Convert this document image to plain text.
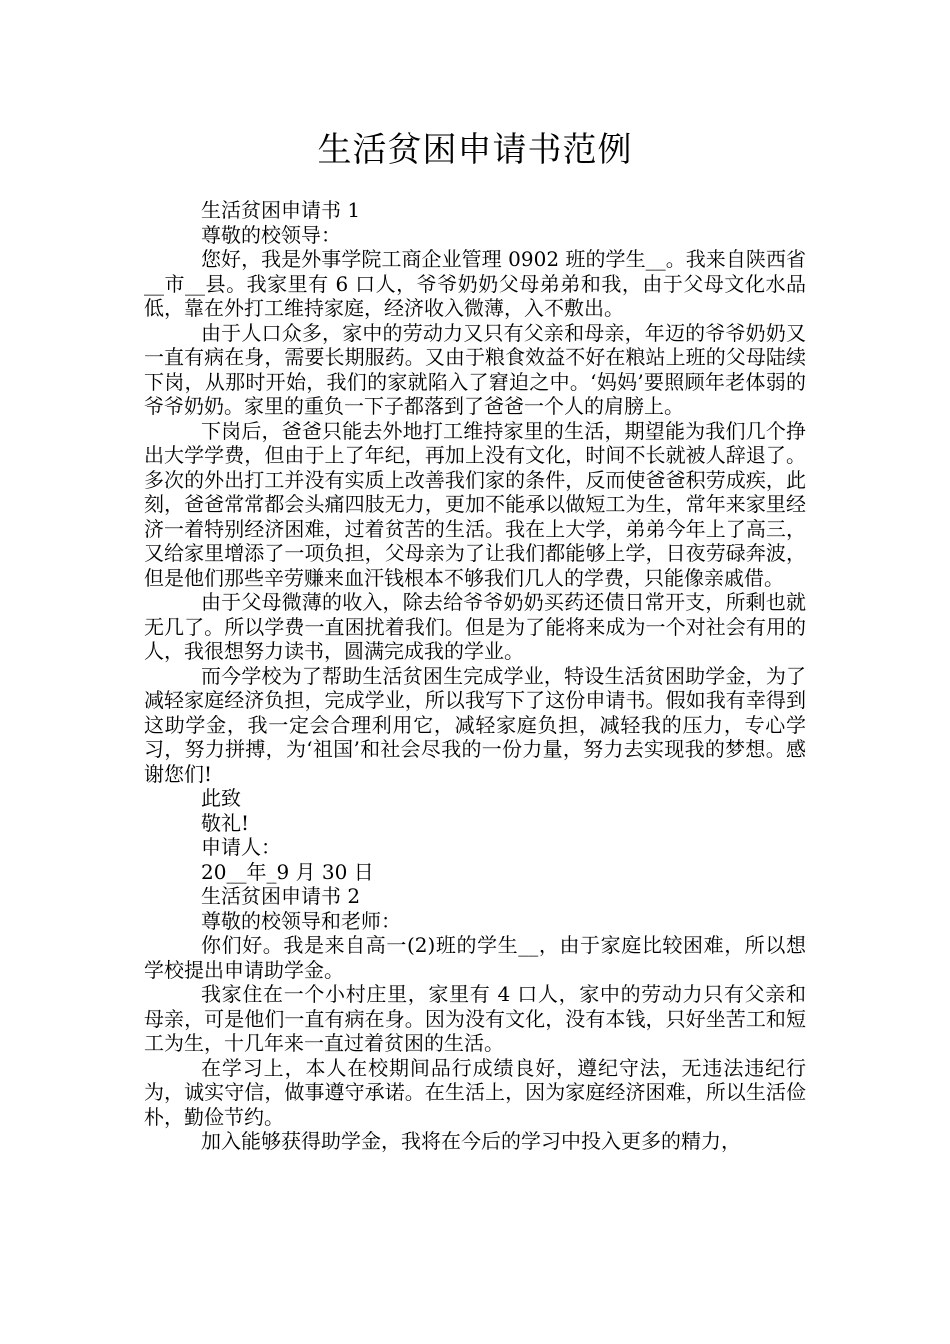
生活贫困申请书范例

生活贫困申请书 1

尊敬的校领导：

您好，我是外事学院工商企业管理 0902 班的学生__。我来自陕西省__市__县。我家里有 6 口人，爷爷奶奶父母弟弟和我，由于父母文化水品低，靠在外打工维持家庭，经济收入微薄，入不敷出。

由于人口众多，家中的劳动力又只有父亲和母亲，年迈的爷爷奶奶又一直有病在身，需要长期服药。又由于粮食效益不好在粮站上班的父母陆续下岗，从那时开始，我们的家就陷入了窘迫之中。‘妈妈’要照顾年老体弱的爷爷奶奶。家里的重负一下子都落到了爸爸一个人的肩膀上。

下岗后，爸爸只能去外地打工维持家里的生活，期望能为我们几个挣出大学学费，但由于上了年纪，再加上没有文化，时间不长就被人辞退了。多次的外出打工并没有实质上改善我们家的条件，反而使爸爸积劳成疾，此刻，爸爸常常都会头痛四肢无力，更加不能承以做短工为生，常年来家里经济一着特别经济困难，过着贫苦的生活。我在上大学，弟弟今年上了高三，又给家里增添了一项负担，父母亲为了让我们都能够上学，日夜劳碌奔波，但是他们那些辛劳赚来血汗钱根本不够我们几人的学费，只能像亲戚借。

由于父母微薄的收入，除去给爷爷奶奶买药还债日常开支，所剩也就无几了。所以学费一直困扰着我们。但是为了能将来成为一个对社会有用的人，我很想努力读书，圆满完成我的学业。

而今学校为了帮助生活贫困生完成学业，特设生活贫困助学金，为了减轻家庭经济负担，完成学业，所以我写下了这份申请书。假如我有幸得到这助学金，我一定会合理利用它，减轻家庭负担，减轻我的压力，专心学习，努力拼搏，为‘祖国’和社会尽我的一份力量，努力去实现我的梦想。感谢您们!

此致

敬礼!

申请人：

20__年_9 月 30 日

生活贫困申请书 2

尊敬的校领导和老师：

你们好。我是来自高一(2)班的学生__，由于家庭比较困难，所以想学校提出申请助学金。

我家住在一个小村庄里，家里有 4 口人，家中的劳动力只有父亲和母亲，可是他们一直有病在身。因为没有文化，没有本钱，只好坐苦工和短工为生，十几年来一直过着贫困的生活。

在学习上，本人在校期间品行成绩良好，遵纪守法，无违法违纪行为，诚实守信，做事遵守承诺。在生活上，因为家庭经济困难，所以生活俭朴，勤俭节约。

加入能够获得助学金，我将在今后的学习中投入更多的精力，
